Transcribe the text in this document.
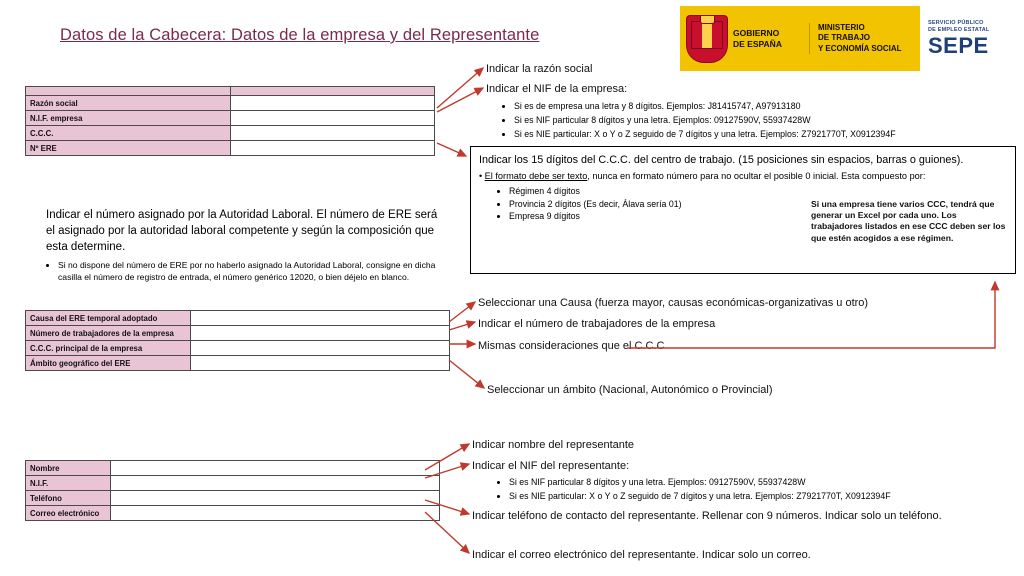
Datos de la Cabecera: Datos de la empresa y del Representante	GOBIERNO
DE ESPAÑA
MINISTERIO
DE TRABAJO
Y ECONOMÍA SOCIAL
SERVICIO PÚBLICO
DE EMPLEO ESTATAL
SEPE

Razón social	
N.I.F. empresa	
C.C.C.	
Nº ERE	
Indicar el número asignado por la Autoridad Laboral. El número de ERE será el asignado por la autoridad laboral competente y según la composición que esta determine.
• Si no dispone del número de ERE por no haberlo asignado la Autoridad Laboral, consigne en dicha casilla el número de registro de entrada, el número genérico 12020, o bien déjelo en blanco.
Causa del ERE temporal adoptado	
Número de trabajadores de la empresa	
C.C.C. principal de la empresa	
Ámbito geográfico del ERE	
Nombre	
N.I.F.	
Teléfono	
Correo electrónico	
Indicar la razón social
Indicar el NIF de la empresa:
• Si es de empresa una letra y 8 dígitos. Ejemplos: J81415747, A97913180
• Si es NIF particular 8 dígitos y una letra. Ejemplos: 09127590V, 55937428W
• Si es NIE particular: X o Y o Z seguido de 7 dígitos y una letra. Ejemplos: Z7921770T, X0912394F
Indicar los 15 dígitos del C.C.C. del centro de trabajo. (15 posiciones sin espacios, barras o guiones).
• El formato debe ser texto, nunca en formato número para no ocultar el posible 0 inicial. Esta compuesto por:
• Régimen 4 dígitos
• Provincia 2 dígitos (Es decir, Álava sería 01)
• Empresa 9 dígitos
Si una empresa tiene varios CCC, tendrá que generar un Excel por cada uno. Los trabajadores listados en ese CCC deben ser los que estén acogidos a ese régimen.
Seleccionar una Causa (fuerza mayor, causas económicas-organizativas u otro)
Indicar el número de trabajadores de la empresa
Mismas consideraciones que el C.C.C
Seleccionar un ámbito (Nacional, Autonómico o Provincial)
Indicar nombre del representante
Indicar el NIF del representante:
• Si es NIF particular 8 dígitos y una letra. Ejemplos: 09127590V, 55937428W
• Si es NIE particular: X o Y o Z seguido de 7 dígitos y una letra. Ejemplos: Z7921770T, X0912394F
Indicar teléfono de contacto del representante. Rellenar con 9 números. Indicar solo un teléfono.
Indicar el correo electrónico del representante. Indicar solo un correo.
